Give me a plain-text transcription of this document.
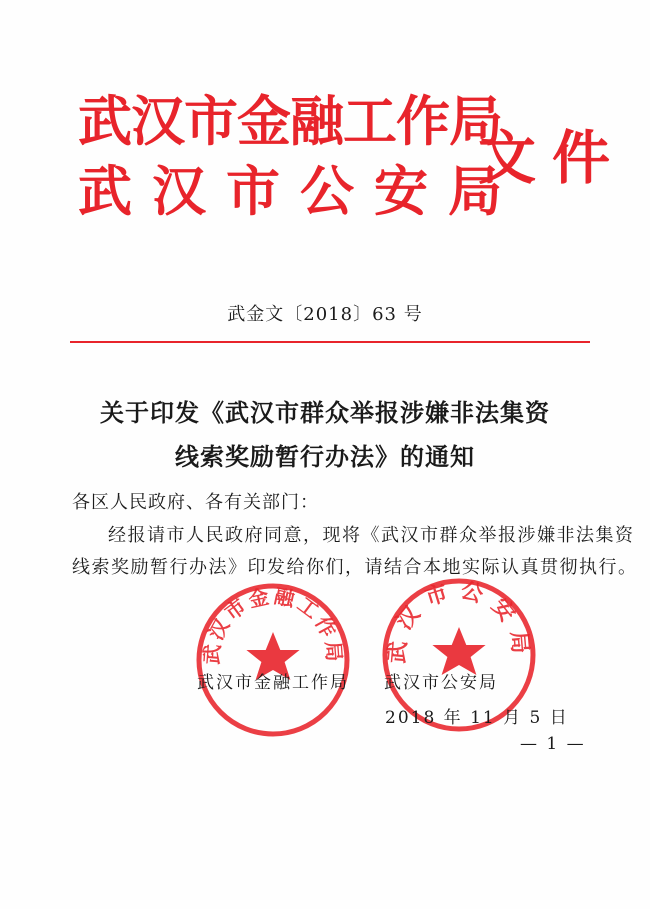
武汉市金融工作局
武汉市公安局
文件
武金文〔2018〕63 号
关于印发《武汉市群众举报涉嫌非法集资
线索奖励暂行办法》的通知
各区人民政府、各有关部门：
经报请市人民政府同意，现将《武汉市群众举报涉嫌非法集资
线索奖励暂行办法》印发给你们，请结合本地实际认真贯彻执行。
武汉市金融工作局 武汉市公安局
武汉市金融工作局 武汉市公安局
2018 年 11 月 5 日
— 1 —
